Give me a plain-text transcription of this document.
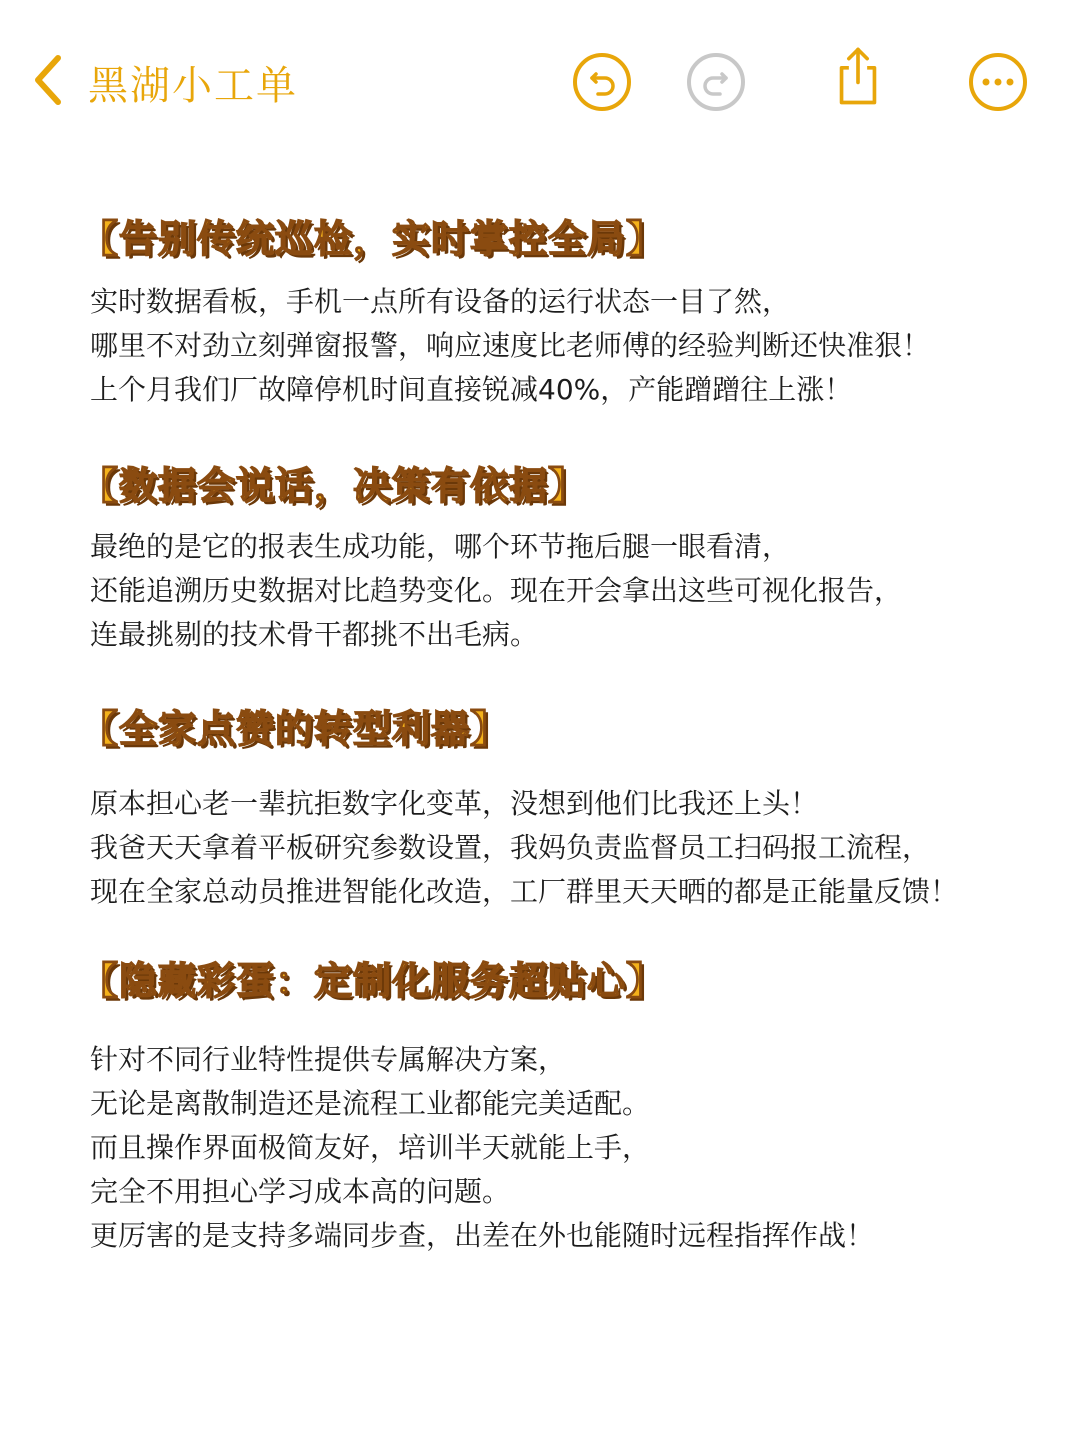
黑湖小工单
【告别传统巡检，实时掌控全局】
实时数据看板，手机一点所有设备的运行状态一目了然，
哪里不对劲立刻弹窗报警，响应速度比老师傅的经验判断还快准狠！
上个月我们厂故障停机时间直接锐减40%，产能蹭蹭往上涨！
【数据会说话，决策有依据】
最绝的是它的报表生成功能，哪个环节拖后腿一眼看清，
还能追溯历史数据对比趋势变化。现在开会拿出这些可视化报告，
连最挑剔的技术骨干都挑不出毛病。
【全家点赞的转型利器】
原本担心老一辈抗拒数字化变革，没想到他们比我还上头！
我爸天天拿着平板研究参数设置，我妈负责监督员工扫码报工流程，
现在全家总动员推进智能化改造，工厂群里天天晒的都是正能量反馈！
【隐藏彩蛋：定制化服务超贴心】
针对不同行业特性提供专属解决方案，
无论是离散制造还是流程工业都能完美适配。
而且操作界面极简友好，培训半天就能上手，
完全不用担心学习成本高的问题。
更厉害的是支持多端同步查，出差在外也能随时远程指挥作战！
